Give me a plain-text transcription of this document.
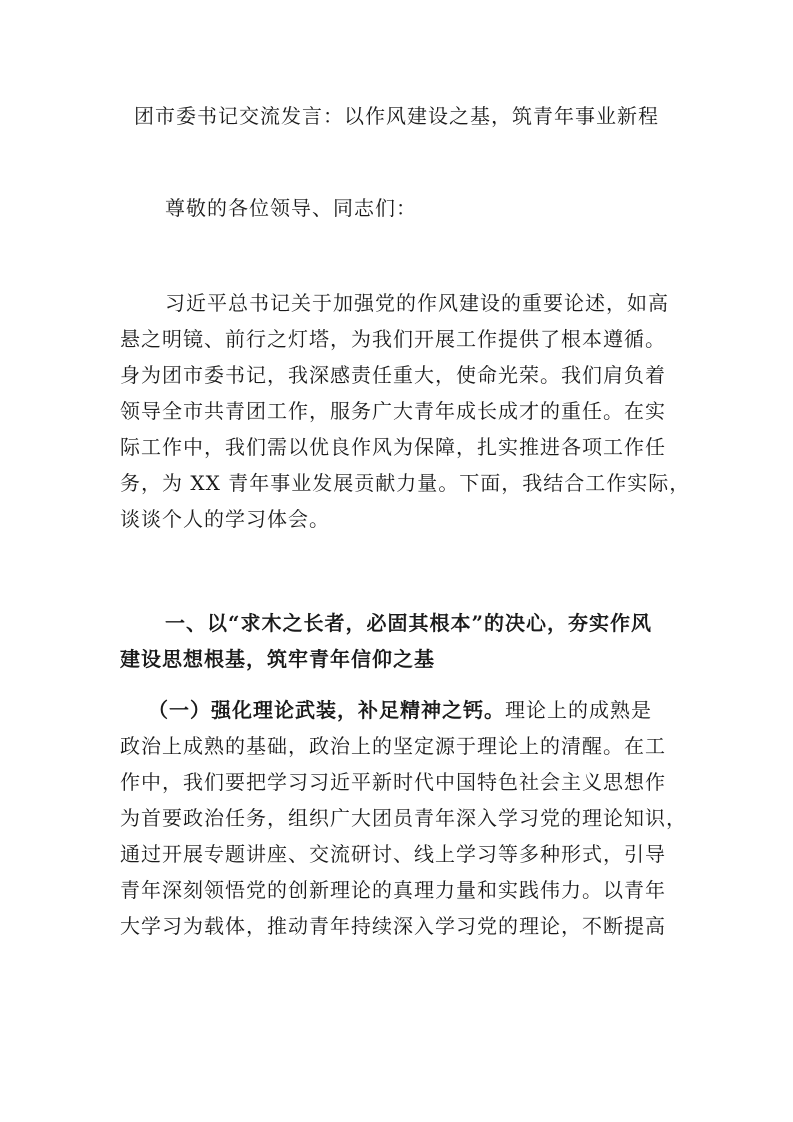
团市委书记交流发言：以作风建设之基，筑青年事业新程
尊敬的各位领导、同志们：
习近平总书记关于加强党的作风建设的重要论述，如高
悬之明镜、前行之灯塔，为我们开展工作提供了根本遵循。
身为团市委书记，我深感责任重大，使命光荣。我们肩负着
领导全市共青团工作，服务广大青年成长成才的重任。在实
际工作中，我们需以优良作风为保障，扎实推进各项工作任
务，为 XX 青年事业发展贡献力量。下面，我结合工作实际，
谈谈个人的学习体会。
一、以“求木之长者，必固其根本”的决心，夯实作风
建设思想根基，筑牢青年信仰之基
（一）强化理论武装，补足精神之钙。理论上的成熟是
政治上成熟的基础，政治上的坚定源于理论上的清醒。在工
作中，我们要把学习习近平新时代中国特色社会主义思想作
为首要政治任务，组织广大团员青年深入学习党的理论知识，
通过开展专题讲座、交流研讨、线上学习等多种形式，引导
青年深刻领悟党的创新理论的真理力量和实践伟力。以青年
大学习为载体，推动青年持续深入学习党的理论，不断提高
